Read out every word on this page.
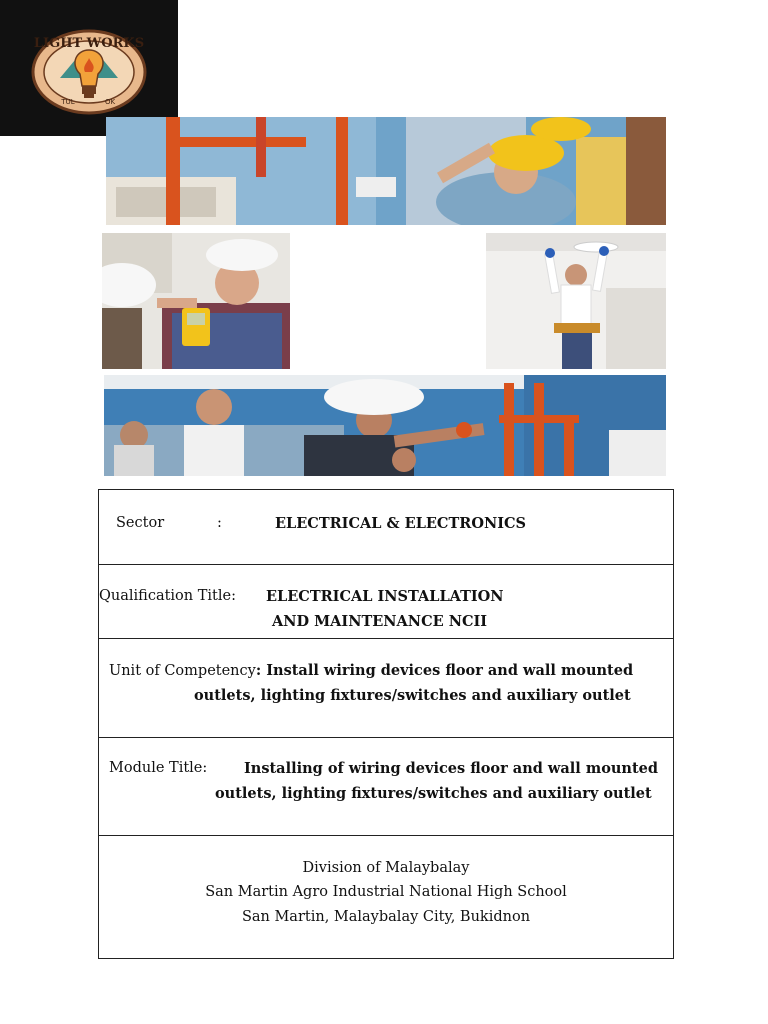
Electrical Installation
LIGHT WORKS
TUL	OK
and Maintenance NCII
Sector	:	ELECTRICAL & ELECTRONICS
Qualification Title: ELECTRICAL INSTALLATION
AND MAINTENANCE NCII
Unit of Competency: Install wiring devices floor and wall mounted
outlets, lighting fixtures/switches and auxiliary outlet
Module Title:	Installing of wiring devices floor and wall mounted
outlets, lighting fixtures/switches and auxiliary outlet
Division of Malaybalay
San Martin Agro Industrial National High School
San Martin, Malaybalay City, Bukidnon
